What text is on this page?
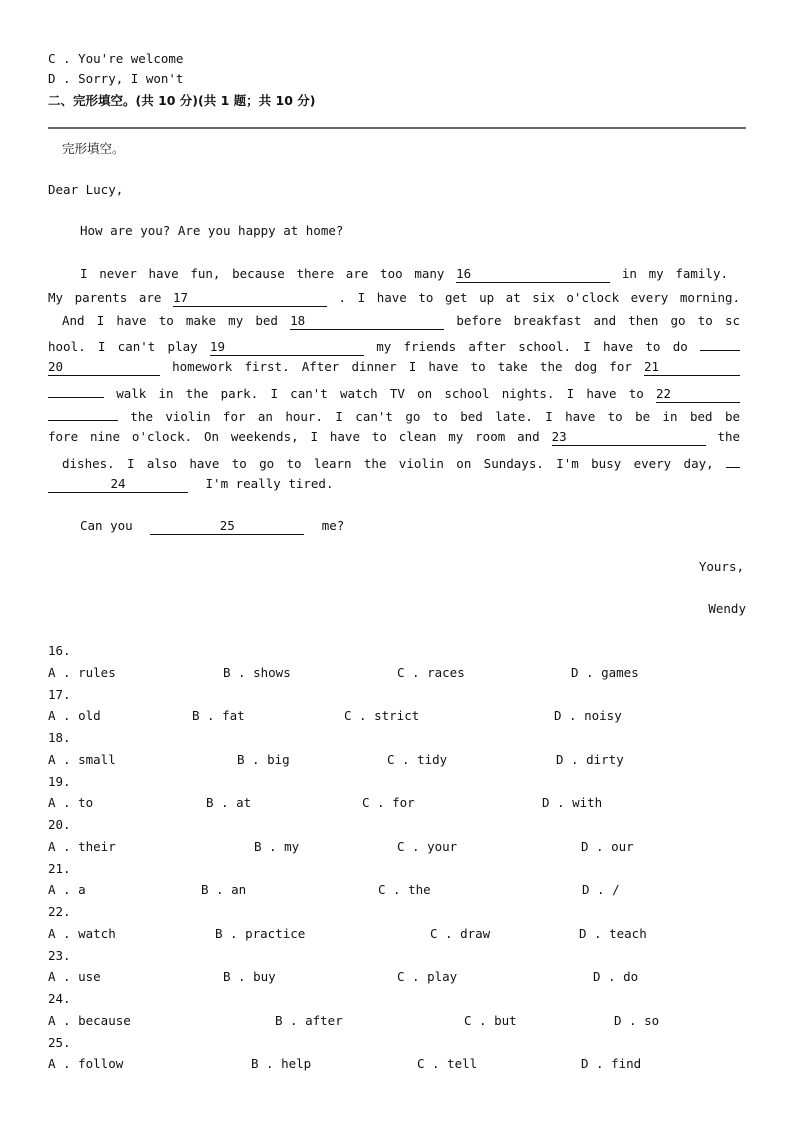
C . You're welcome
D . Sorry, I won't
二、完形填空。(共 10 分)(共 1 题；共 10 分)
完形填空。
Dear Lucy,
How are you? Are you happy at home?
I never have fun, because there are too many 16	in my family.
My parents are 17	. I have to get up at six o'clock every morning.
And I have to make my bed 18	before breakfast and then go to sc
hool. I can't play 19	my friends after school. I have to do
20	homework first. After dinner I have to take the dog for 21
walk in the park. I can't watch TV on school nights. I have to 22
the violin for an hour. I can't go to bed late. I have to be in bed be
fore nine o'clock. On weekends, I have to clean my room and 23	the
dishes. I also have to go to learn the violin on Sundays. I'm busy every day,
24	I'm really tired.
Can you	25	me?
Yours,
Wendy
16.
A . rules	B . shows	C . races	D . games
17.
A . old	B . fat	C . strict	D . noisy
18.
A . small	B . big	C . tidy	D . dirty
19.
A . to	B . at	C . for	D . with
20.
A . their	B . my	C . your	D . our
21.
A . a	B . an	C . the	D . /
22.
A . watch	B . practice	C . draw	D . teach
23.
A . use	B . buy	C . play	D . do
24.
A . because	B . after	C . but	D . so
25.
A . follow	B . help	C . tell	D . find
